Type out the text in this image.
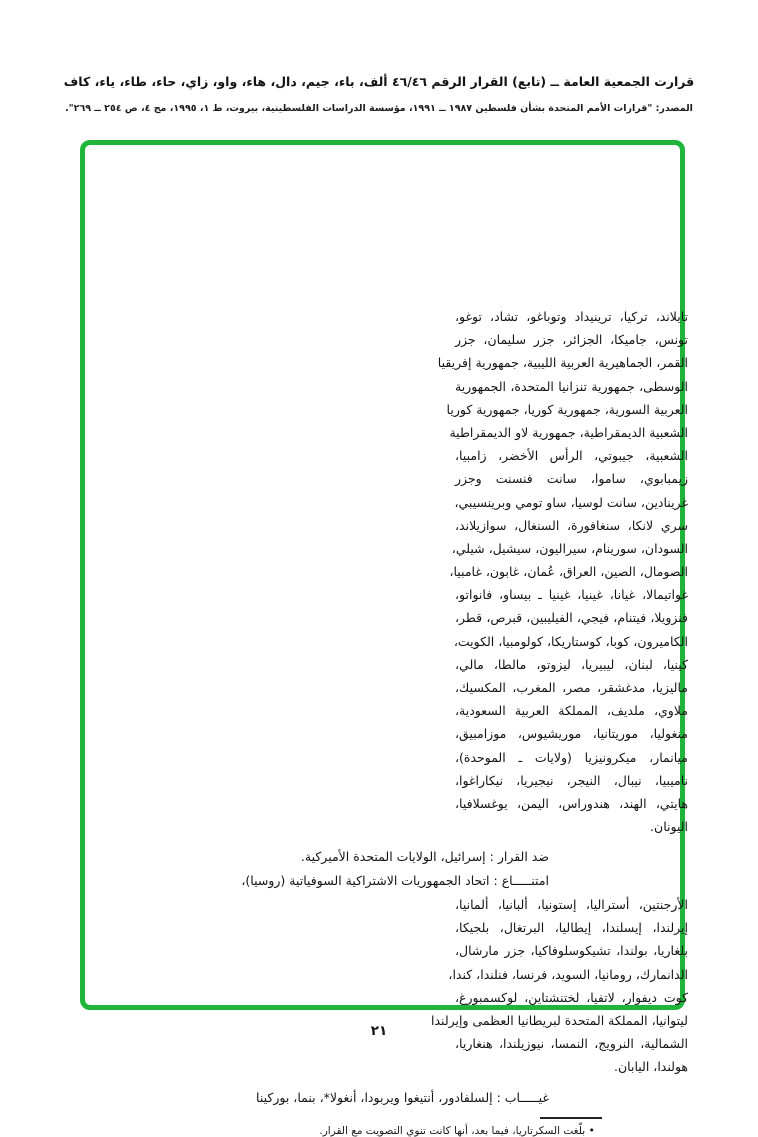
قرارت الجمعية العامة ــ (تابع) القرار الرقم ٤٦/٤٦ ألف، باء، جيم، دال، هاء، واو، زاي، حاء، طاء، ياء، كاف
المصدر: "قرارات الأمم المتحدة بشأن فلسطين ١٩٨٧ ــ ١٩٩١، مؤسسة الدراسات الفلسطينية، بيروت، ط ١، ١٩٩٥، مج ٤، ص ٢٥٤ ــ ٢٦٩".
تايلاند، تركيا، ترينيداد وتوباغو، تشاد، توغو،
تونس، جاميكا، الجزائر، جزر سليمان، جزر
القمر، الجماهيرية العربية الليبية، جمهورية إفريقيا
الوسطى، جمهورية تنزانيا المتحدة، الجمهورية
العربية السورية، جمهورية كوريا، جمهورية كوريا
الشعبية الديمقراطية، جمهورية لاو الديمقراطية
الشعبية، جيبوتي، الرأس الأخضر، زامبيا،
زيمبابوي، ساموا، سانت فنسنت وجزر
غرينادين، سانت لوسيا، ساو تومي وبرينسيبي،
سري لانكا، سنغافورة، السنغال، سوازيلاند،
السودان، سورينام، سيراليون، سيشيل، شيلي،
الصومال، الصين، العراق، عُمان، غابون، غامبيا،
غواتيمالا، غيانا، غينيا، غينيا ـ بيساو، فانواتو،
فنزويلا، فيتنام، فيجي، الفيليبين، قبرص، قطر،
الكاميرون، كوبا، كوستاريكا، كولومبيا، الكويت،
كينيا، لبنان، ليبيريا، ليزوتو، مالطا، مالي،
ماليزيا، مدغشقر، مصر، المغرب، المكسيك،
ملاوي، ملديف، المملكة العربية السعودية،
منغوليا، موريتانيا، موريشيوس، موزامبيق،
ميانمار، ميكرونيزيا (ولايات ـ الموحدة)،
ناميبيا، نيبال، النيجر، نيجيريا، نيكاراغوا،
هايتي، الهند، هندوراس، اليمن، يوغسلافيا،
اليونان.
ضد القرار : إسرائيل، الولايات المتحدة الأميركية.
امتنـــــاع : اتحاد الجمهوريات الاشتراكية السوفياتية (روسيا)،
الأرجنتين، أستراليا، إستونيا، ألبانيا، ألمانيا،
إيرلندا، إيسلندا، إيطاليا، البرتغال، بلجيكا،
بلغاريا، بولندا، تشيكوسلوفاكيا، جزر مارشال،
الدانمارك، رومانيا، السويد، فرنسا، فنلندا، كندا،
كوت ديفوار، لاتفيا، لختنشتاين، لوكسمبورغ،
ليتوانيا، المملكة المتحدة لبريطانيا العظمى وإيرلندا
الشمالية، النرويج، النمسا، نيوزيلندا، هنغاريا،
هولندا، اليابان.
غيـــــاب : إلسلفادور، أنتيغوا ويربودا، أنغولا*، بنما، بوركينا
• بلّغت السكرتاريا، فيما بعد، أنها كانت تنوي التصويت مع القرار.
٢١
